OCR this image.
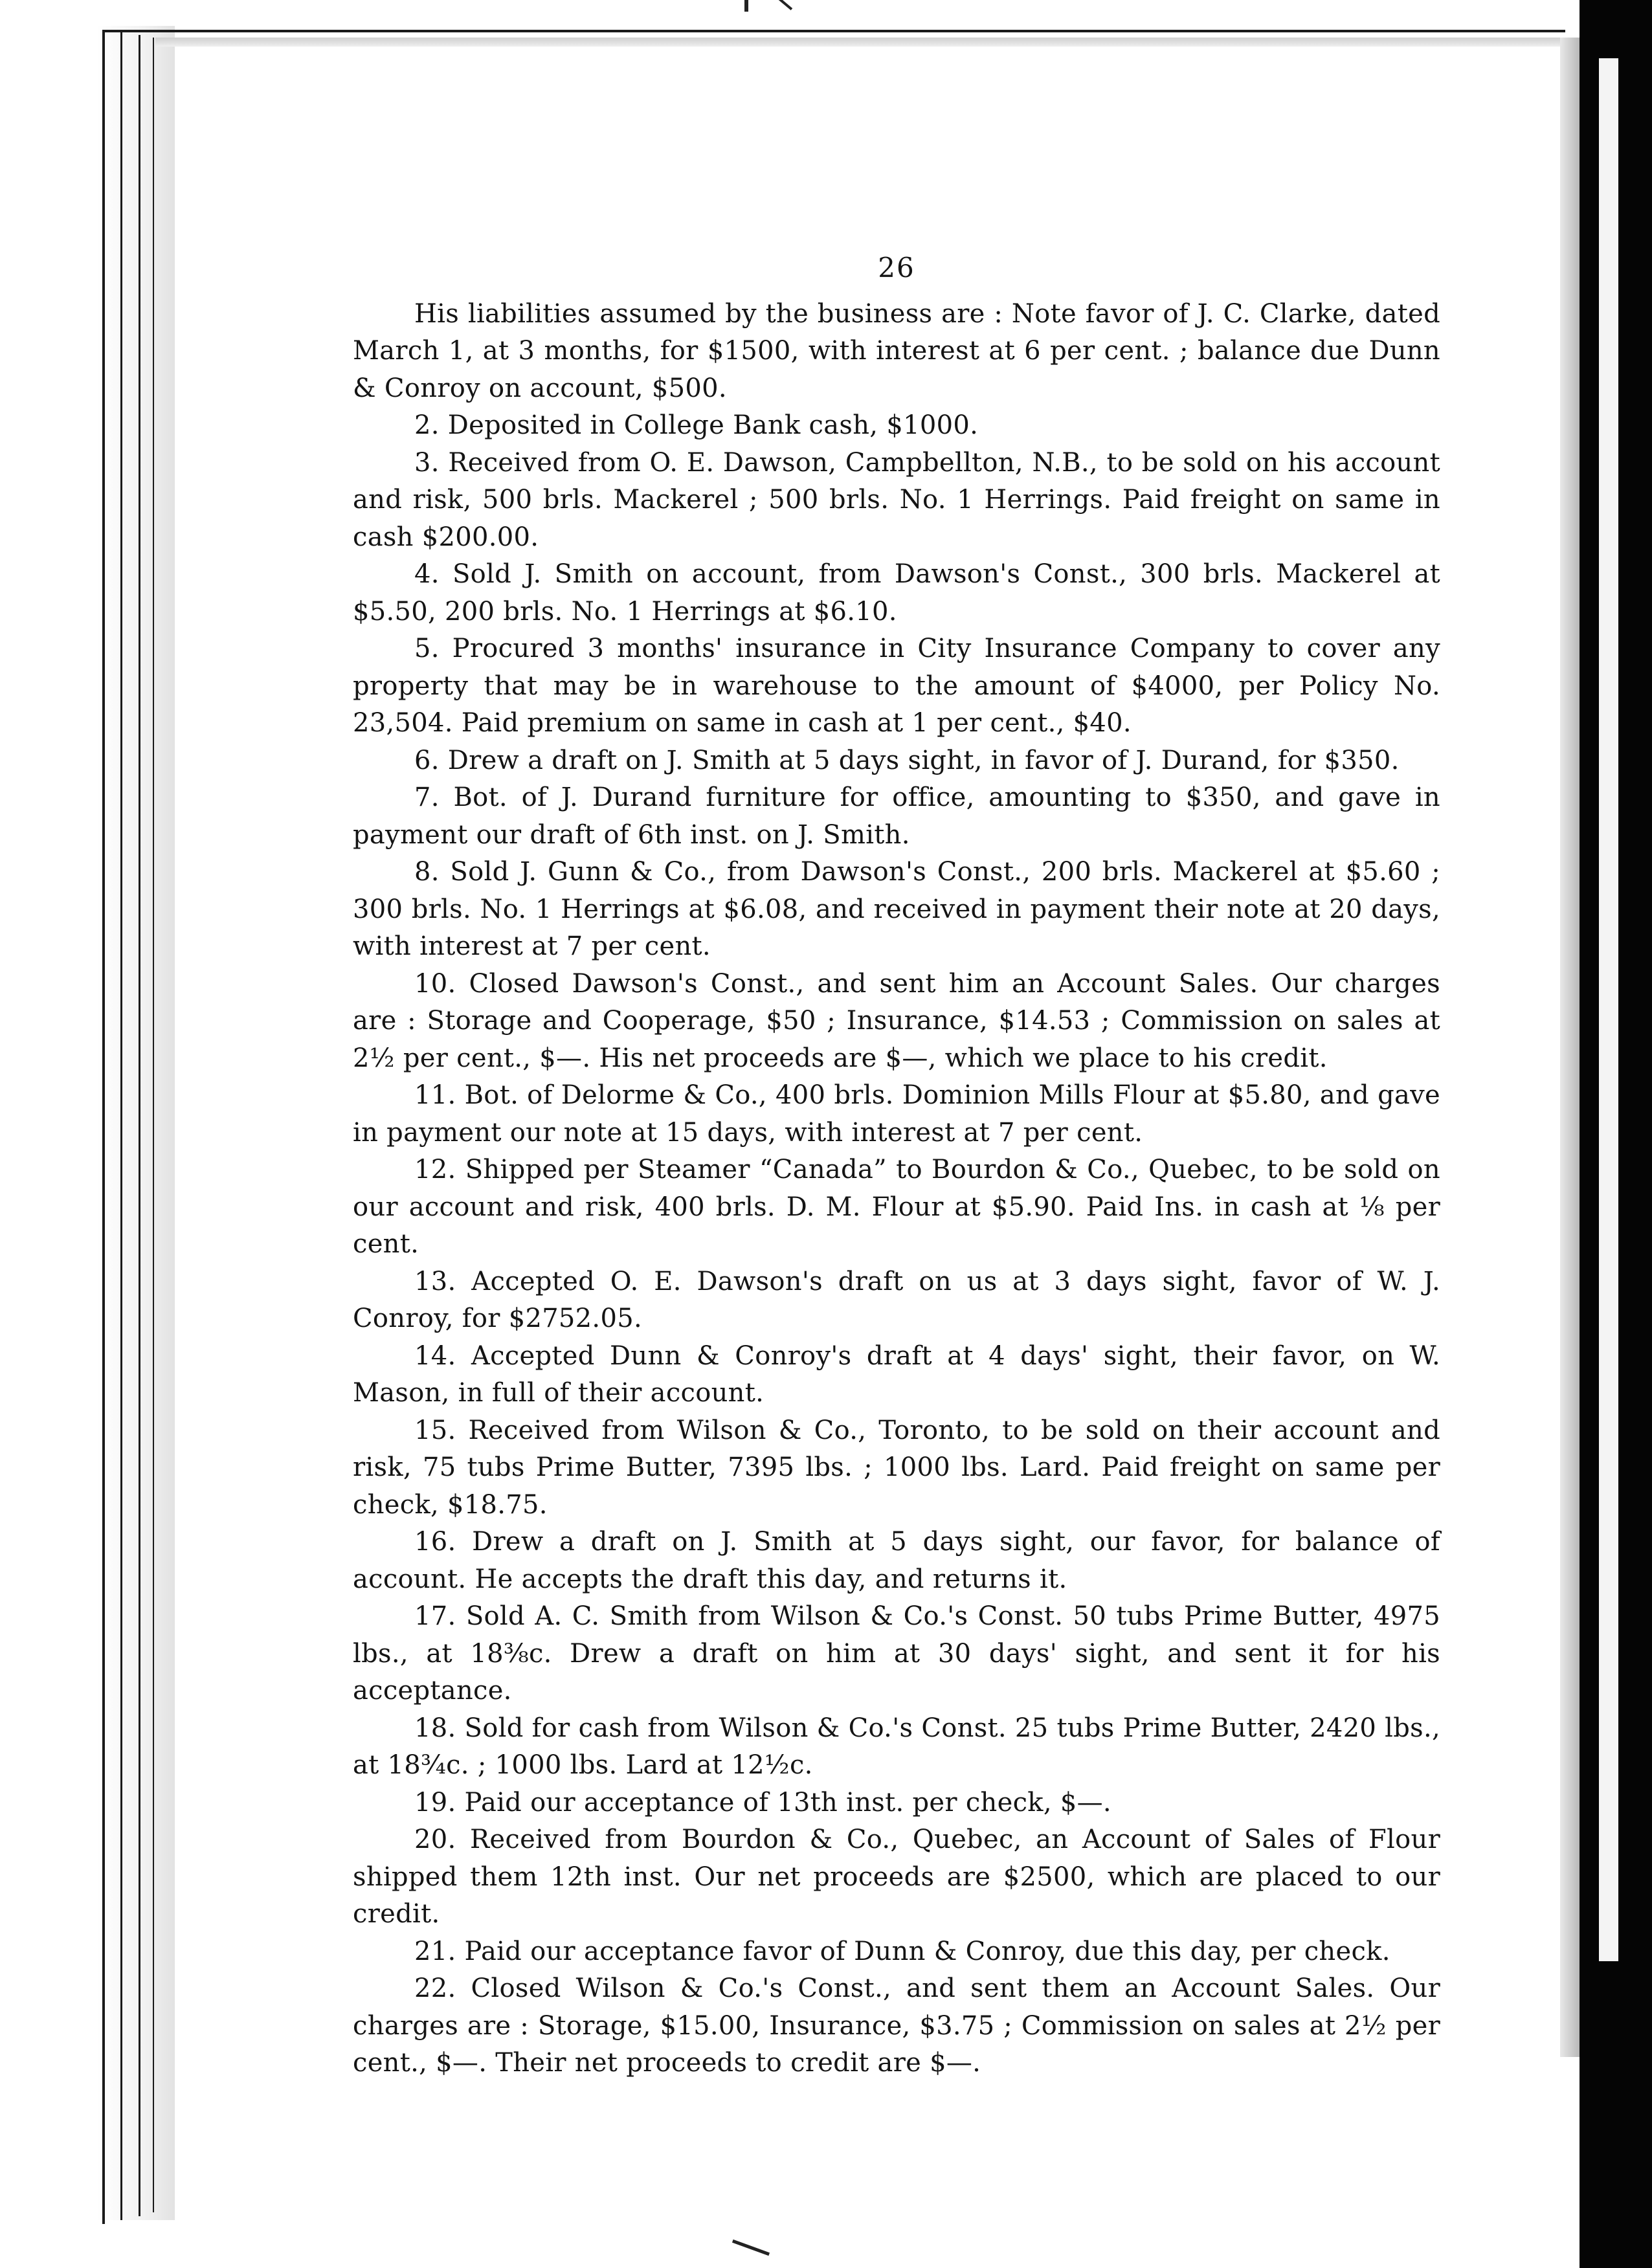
26

His liabilities assumed by the business are : Note favor of J. C. Clarke, dated March 1, at 3 months, for $1500, with interest at 6 per cent. ; balance due Dunn & Conroy on account, $500.

2. Deposited in College Bank cash, $1000.

3. Received from O. E. Dawson, Campbellton, N.B., to be sold on his account and risk, 500 brls. Mackerel ; 500 brls. No. 1 Herrings. Paid freight on same in cash $200.00.

4. Sold J. Smith on account, from Dawson's Const., 300 brls. Mackerel at $5.50, 200 brls. No. 1 Herrings at $6.10.

5. Procured 3 months' insurance in City Insurance Company to cover any property that may be in warehouse to the amount of $4000, per Policy No. 23,504. Paid premium on same in cash at 1 per cent., $40.

6. Drew a draft on J. Smith at 5 days sight, in favor of J. Durand, for $350.

7. Bot. of J. Durand furniture for office, amounting to $350, and gave in payment our draft of 6th inst. on J. Smith.

8. Sold J. Gunn & Co., from Dawson's Const., 200 brls. Mackerel at $5.60 ; 300 brls. No. 1 Herrings at $6.08, and received in payment their note at 20 days, with interest at 7 per cent.

10. Closed Dawson's Const., and sent him an Account Sales. Our charges are : Storage and Cooperage, $50 ; Insurance, $14.53 ; Commission on sales at 2½ per cent., $—. His net proceeds are $—, which we place to his credit.

11. Bot. of Delorme & Co., 400 brls. Dominion Mills Flour at $5.80, and gave in payment our note at 15 days, with interest at 7 per cent.

12. Shipped per Steamer “Canada” to Bourdon & Co., Quebec, to be sold on our account and risk, 400 brls. D. M. Flour at $5.90. Paid Ins. in cash at ⅛ per cent.

13. Accepted O. E. Dawson's draft on us at 3 days sight, favor of W. J. Conroy, for $2752.05.

14. Accepted Dunn & Conroy's draft at 4 days' sight, their favor, on W. Mason, in full of their account.

15. Received from Wilson & Co., Toronto, to be sold on their account and risk, 75 tubs Prime Butter, 7395 lbs. ; 1000 lbs. Lard. Paid freight on same per check, $18.75.

16. Drew a draft on J. Smith at 5 days sight, our favor, for balance of account. He accepts the draft this day, and returns it.

17. Sold A. C. Smith from Wilson & Co.'s Const. 50 tubs Prime Butter, 4975 lbs., at 18⅜c. Drew a draft on him at 30 days' sight, and sent it for his acceptance.

18. Sold for cash from Wilson & Co.'s Const. 25 tubs Prime Butter, 2420 lbs., at 18¾c. ; 1000 lbs. Lard at 12½c.

19. Paid our acceptance of 13th inst. per check, $—.

20. Received from Bourdon & Co., Quebec, an Account of Sales of Flour shipped them 12th inst. Our net proceeds are $2500, which are placed to our credit.

21. Paid our acceptance favor of Dunn & Conroy, due this day, per check.

22. Closed Wilson & Co.'s Const., and sent them an Account Sales. Our charges are : Storage, $15.00, Insurance, $3.75 ; Commission on sales at 2½ per cent., $—. Their net proceeds to credit are $—.
